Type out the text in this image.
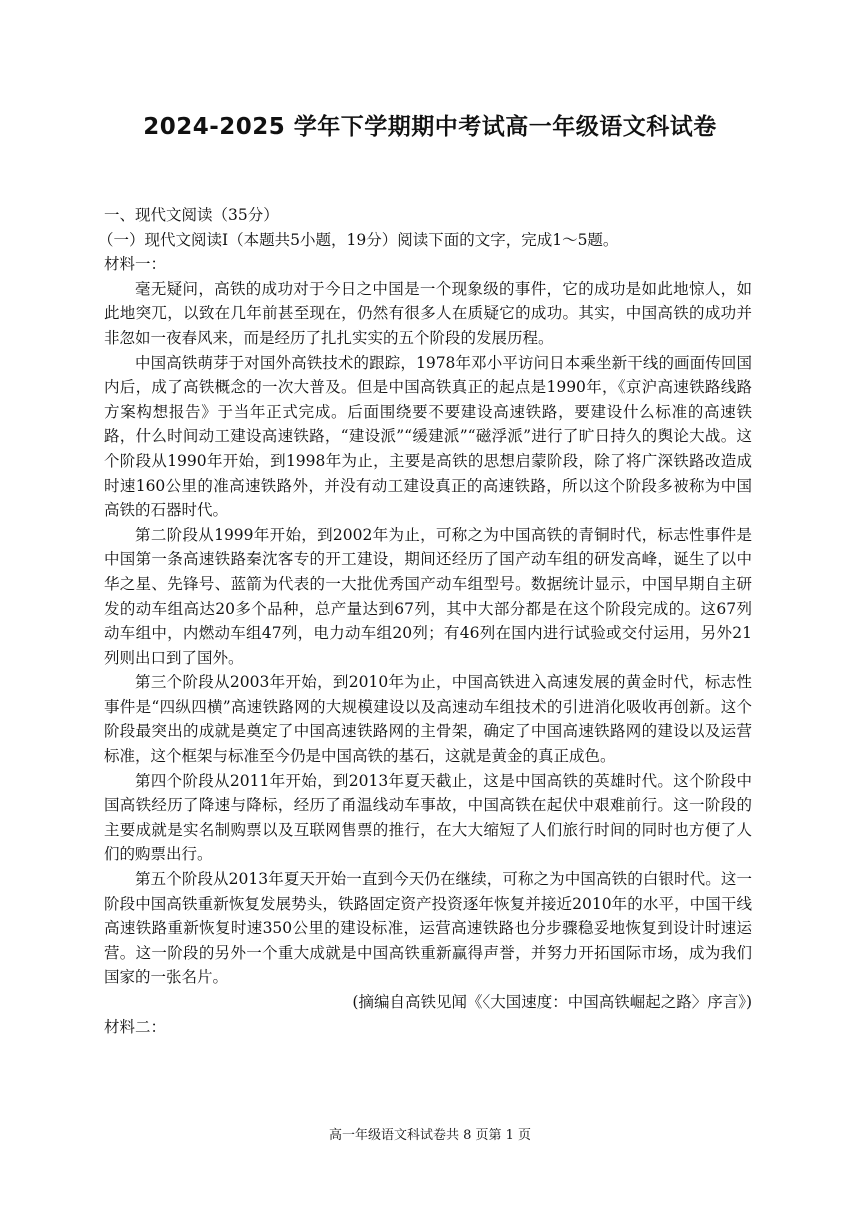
2024-2025 学年下学期期中考试高一年级语文科试卷

一、现代文阅读（35分）

（一）现代文阅读Ⅰ（本题共5小题，19分）阅读下面的文字，完成1～5题。

材料一：

毫无疑问，高铁的成功对于今日之中国是一个现象级的事件，它的成功是如此地惊人，如此地突兀，以致在几年前甚至现在，仍然有很多人在质疑它的成功。其实，中国高铁的成功并非忽如一夜春风来，而是经历了扎扎实实的五个阶段的发展历程。

中国高铁萌芽于对国外高铁技术的跟踪，1978年邓小平访问日本乘坐新干线的画面传回国内后，成了高铁概念的一次大普及。但是中国高铁真正的起点是1990年，《京沪高速铁路线路方案构想报告》于当年正式完成。后面围绕要不要建设高速铁路，要建设什么标准的高速铁路，什么时间动工建设高速铁路，“建设派”“缓建派”“磁浮派”进行了旷日持久的舆论大战。这个阶段从1990年开始，到1998年为止，主要是高铁的思想启蒙阶段，除了将广深铁路改造成时速160公里的准高速铁路外，并没有动工建设真正的高速铁路，所以这个阶段多被称为中国高铁的石器时代。

第二阶段从1999年开始，到2002年为止，可称之为中国高铁的青铜时代，标志性事件是中国第一条高速铁路秦沈客专的开工建设，期间还经历了国产动车组的研发高峰，诞生了以中华之星、先锋号、蓝箭为代表的一大批优秀国产动车组型号。数据统计显示，中国早期自主研发的动车组高达20多个品种，总产量达到67列，其中大部分都是在这个阶段完成的。这67列动车组中，内燃动车组47列，电力动车组20列；有46列在国内进行试验或交付运用，另外21列则出口到了国外。

第三个阶段从2003年开始，到2010年为止，中国高铁进入高速发展的黄金时代，标志性事件是“四纵四横”高速铁路网的大规模建设以及高速动车组技术的引进消化吸收再创新。这个阶段最突出的成就是奠定了中国高速铁路网的主骨架，确定了中国高速铁路网的建设以及运营标准，这个框架与标准至今仍是中国高铁的基石，这就是黄金的真正成色。

第四个阶段从2011年开始，到2013年夏天截止，这是中国高铁的英雄时代。这个阶段中国高铁经历了降速与降标，经历了甬温线动车事故，中国高铁在起伏中艰难前行。这一阶段的主要成就是实名制购票以及互联网售票的推行，在大大缩短了人们旅行时间的同时也方便了人们的购票出行。

第五个阶段从2013年夏天开始一直到今天仍在继续，可称之为中国高铁的白银时代。这一阶段中国高铁重新恢复发展势头，铁路固定资产投资逐年恢复并接近2010年的水平，中国干线高速铁路重新恢复时速350公里的建设标准，运营高速铁路也分步骤稳妥地恢复到设计时速运营。这一阶段的另外一个重大成就是中国高铁重新赢得声誉，并努力开拓国际市场，成为我们国家的一张名片。

(摘编自高铁见闻《〈大国速度：中国高铁崛起之路〉序言》)

材料二：

高一年级语文科试卷共 8 页第 1 页
